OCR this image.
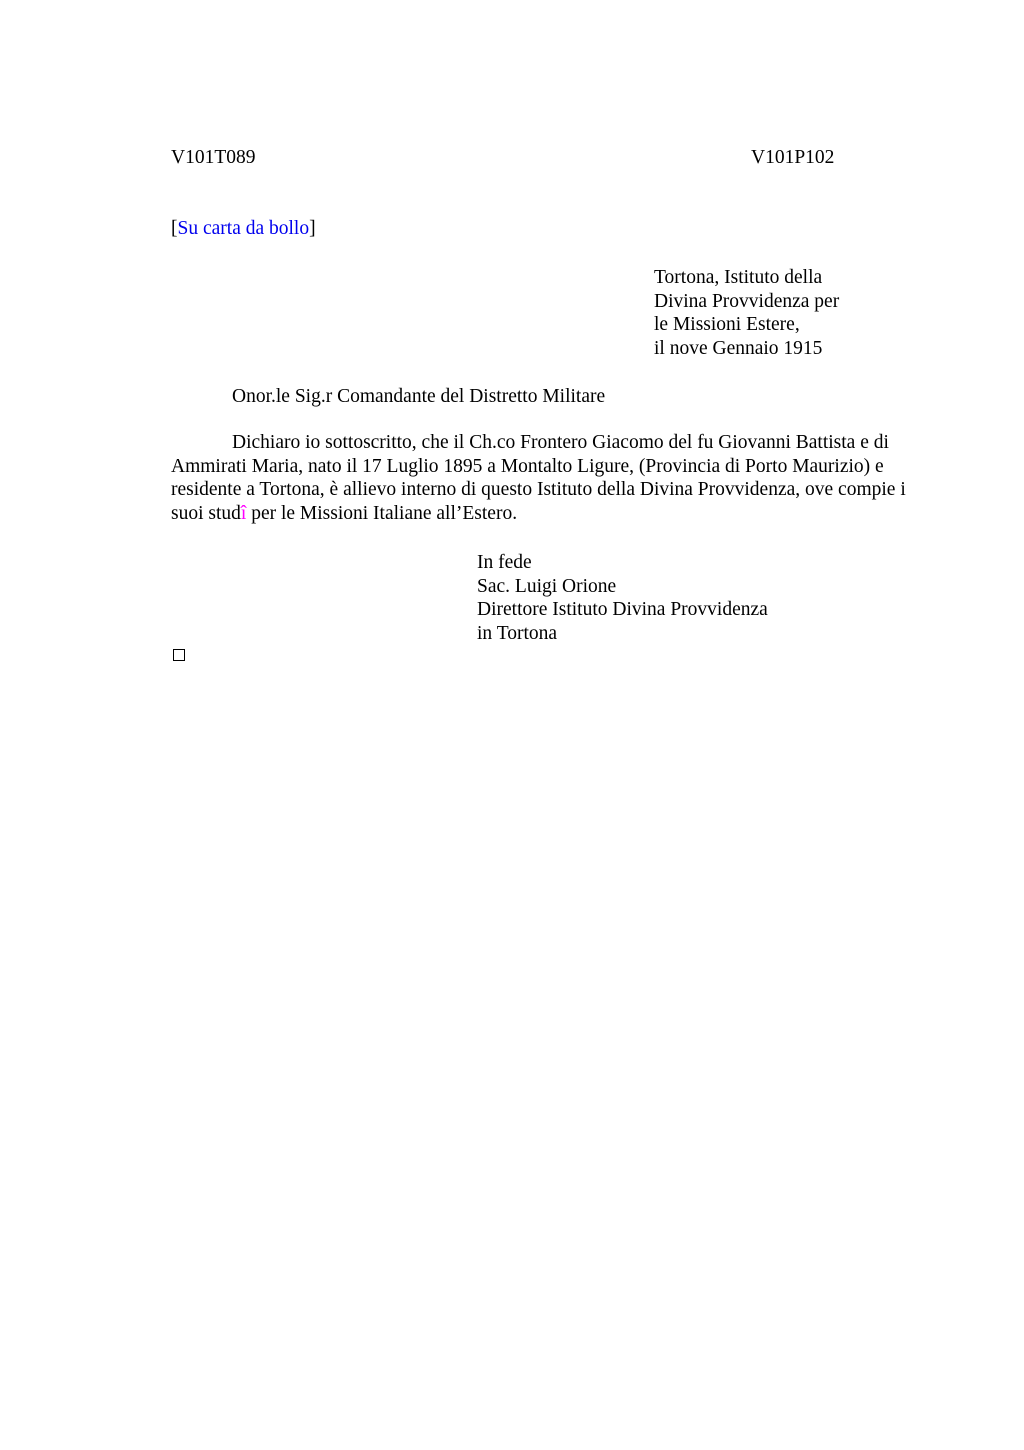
V101T089	V101P102
[Su carta da bollo]
Tortona, Istituto della
Divina Provvidenza per
le Missioni Estere,
il nove Gennaio 1915
Onor.le Sig.r Comandante del Distretto Militare
Dichiaro io sottoscritto, che il Ch.co Frontero Giacomo del fu Giovanni Battista e di Ammirati Maria, nato il 17 Luglio 1895 a Montalto Ligure, (Provincia di Porto Maurizio) e residente a Tortona, è allievo interno di questo Istituto della Divina Provvidenza, ove compie i suoi studî per le Missioni Italiane all’Estero.
In fede
Sac. Luigi Orione
Direttore Istituto Divina Provvidenza
in Tortona
